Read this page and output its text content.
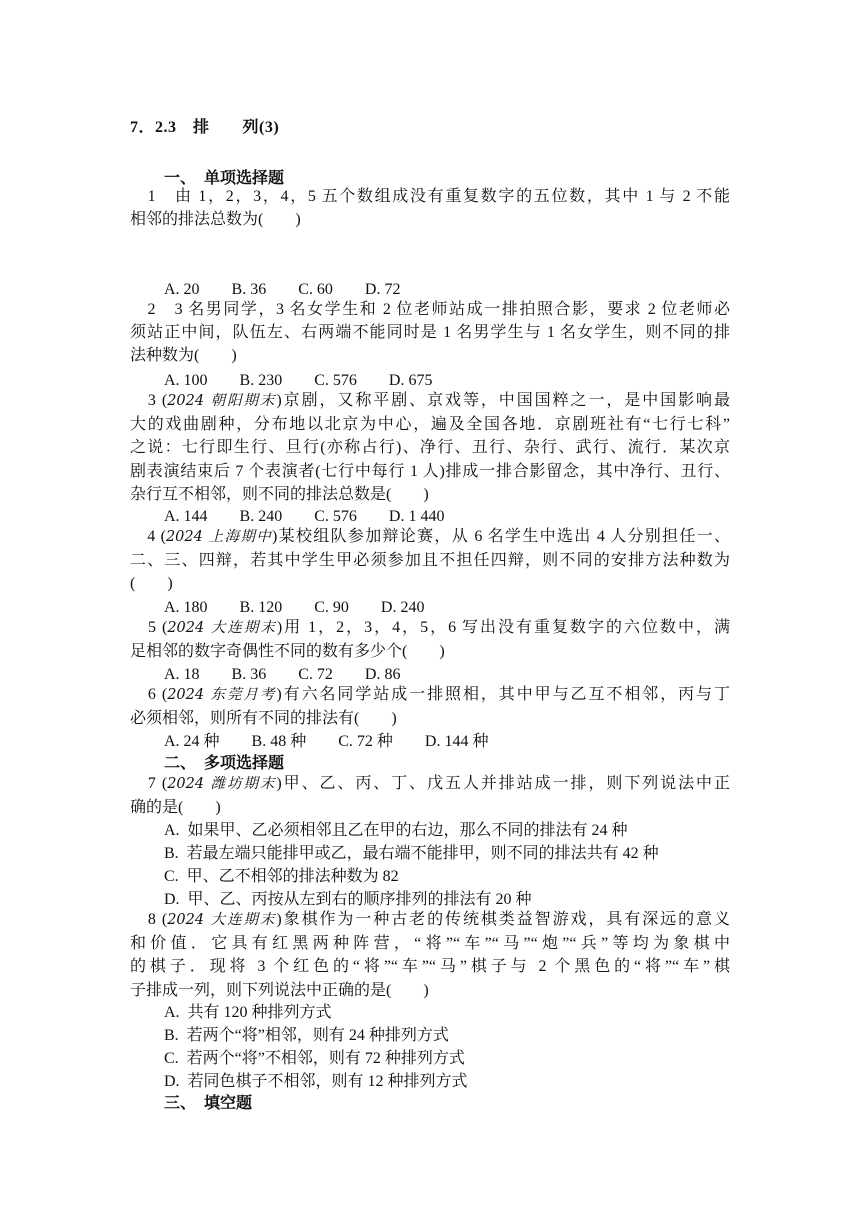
7．2.3　排　　列(3)
一、　单项选择题
　1　由 1，2，3，4，5 五个数组成没有重复数字的五位数，其中 1 与 2 不能
相邻的排法总数为(　　)
A. 20　　B. 36　　C. 60　　D. 72
　2　3 名男同学，3 名女学生和 2 位老师站成一排拍照合影，要求 2 位老师必
须站正中间，队伍左、右两端不能同时是 1 名男学生与 1 名女学生，则不同的排
法种数为(　　)
A. 100　　B. 230　　C. 576　　D. 675
　3 (2024 朝阳期末)京剧，又称平剧、京戏等，中国国粹之一，是中国影响最
大的戏曲剧种，分布地以北京为中心，遍及全国各地．京剧班社有“七行七科”
之说：七行即生行、旦行(亦称占行)、净行、丑行、杂行、武行、流行．某次京
剧表演结束后 7 个表演者(七行中每行 1 人)排成一排合影留念，其中净行、丑行、
杂行互不相邻，则不同的排法总数是(　　)
A. 144　　B. 240　　C. 576　　D. 1 440
　4 (2024 上海期中)某校组队参加辩论赛，从 6 名学生中选出 4 人分别担任一、
二、三、四辩，若其中学生甲必须参加且不担任四辩，则不同的安排方法种数为
(　　)
A. 180　　B. 120　　C. 90　　D. 240
　5 (2024 大连期末)用 1，2，3，4，5，6 写出没有重复数字的六位数中，满
足相邻的数字奇偶性不同的数有多少个(　　)
A. 18　　B. 36　　C. 72　　D. 86
　6 (2024 东莞月考)有六名同学站成一排照相，其中甲与乙互不相邻，丙与丁
必须相邻，则所有不同的排法有(　　)
A. 24 种　　B. 48 种　　C. 72 种　　D. 144 种
二、　多项选择题
　7 (2024 潍坊期末)甲、乙、丙、丁、戊五人并排站成一排，则下列说法中正
确的是(　　)
A.  如果甲、乙必须相邻且乙在甲的右边，那么不同的排法有 24 种
B.  若最左端只能排甲或乙，最右端不能排甲，则不同的排法共有 42 种
C.  甲、乙不相邻的排法种数为 82
D.  甲、乙、丙按从左到右的顺序排列的排法有 20 种
　8 (2024 大连期末)象棋作为一种古老的传统棋类益智游戏，具有深远的意义
和价值．它具有红黑两种阵营，“将”“车”“马”“炮”“兵”等均为象棋中
的棋子．现将 3 个红色的“将”“车”“马”棋子与 2 个黑色的“将”“车”棋
子排成一列，则下列说法中正确的是(　　)
A.  共有 120 种排列方式
B.  若两个“将”相邻，则有 24 种排列方式
C.  若两个“将”不相邻，则有 72 种排列方式
D.  若同色棋子不相邻，则有 12 种排列方式
三、　填空题
